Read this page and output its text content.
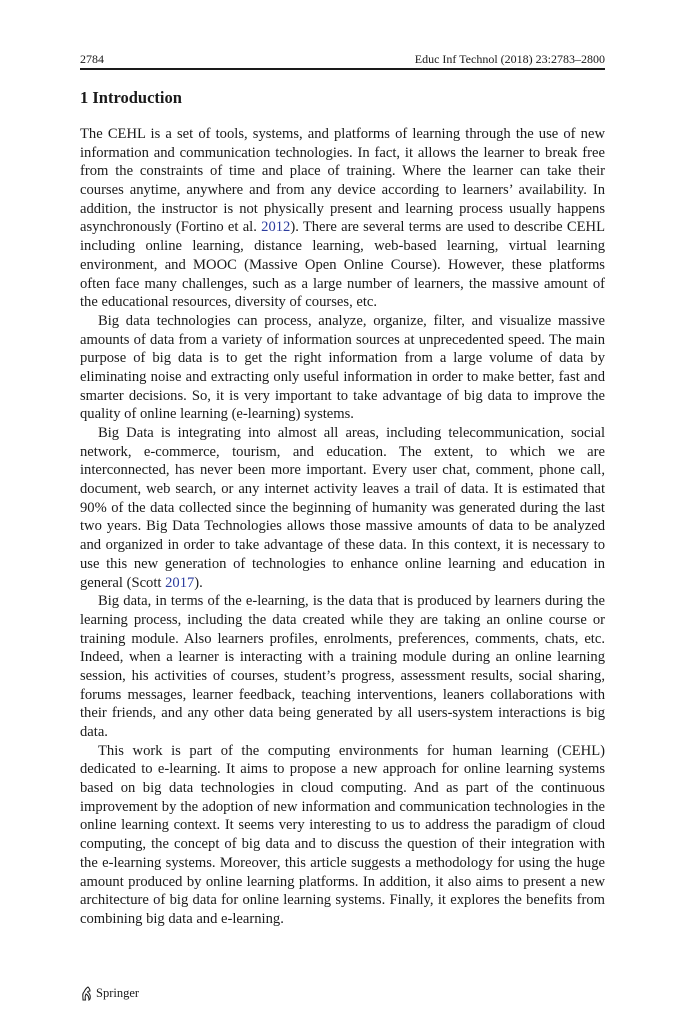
2784	Educ Inf Technol (2018) 23:2783–2800
1 Introduction

The CEHL is a set of tools, systems, and platforms of learning through the use of new information and communication technologies. In fact, it allows the learner to break free from the constraints of time and place of training. Where the learner can take their courses anytime, anywhere and from any device according to learners’ availability. In addition, the instructor is not physically present and learning process usually happens asynchronously (Fortino et al. 2012). There are several terms are used to describe CEHL including online learning, distance learning, web-based learning, virtual learning environment, and MOOC (Massive Open Online Course). However, these platforms often face many challenges, such as a large number of learners, the massive amount of the educational resources, diversity of courses, etc.

Big data technologies can process, analyze, organize, filter, and visualize massive amounts of data from a variety of information sources at unprecedented speed. The main purpose of big data is to get the right information from a large volume of data by eliminating noise and extracting only useful information in order to make better, fast and smarter decisions. So, it is very important to take advantage of big data to improve the quality of online learning (e-learning) systems.

Big Data is integrating into almost all areas, including telecommunication, social network, e-commerce, tourism, and education. The extent, to which we are interconnected, has never been more important. Every user chat, comment, phone call, document, web search, or any internet activity leaves a trail of data. It is estimated that 90% of the data collected since the beginning of humanity was generated during the last two years. Big Data Technologies allows those massive amounts of data to be analyzed and organized in order to take advantage of these data. In this context, it is necessary to use this new generation of technologies to enhance online learning and education in general (Scott 2017).

Big data, in terms of the e-learning, is the data that is produced by learners during the learning process, including the data created while they are taking an online course or training module. Also learners profiles, enrolments, preferences, comments, chats, etc. Indeed, when a learner is interacting with a training module during an online learning session, his activities of courses, student’s progress, assessment results, social sharing, forums messages, learner feedback, teaching interventions, leaners collaborations with their friends, and any other data being generated by all users-system interactions is big data.

This work is part of the computing environments for human learning (CEHL) dedicated to e-learning. It aims to propose a new approach for online learning systems based on big data technologies in cloud computing. And as part of the continuous improvement by the adoption of new information and communication technologies in the online learning context. It seems very interesting to us to address the paradigm of cloud computing, the concept of big data and to discuss the question of their integration with the e-learning systems. Moreover, this article suggests a methodology for using the huge amount produced by online learning platforms. In addition, it also aims to present a new architecture of big data for online learning systems. Finally, it explores the benefits from combining big data and e-learning.

Springer
